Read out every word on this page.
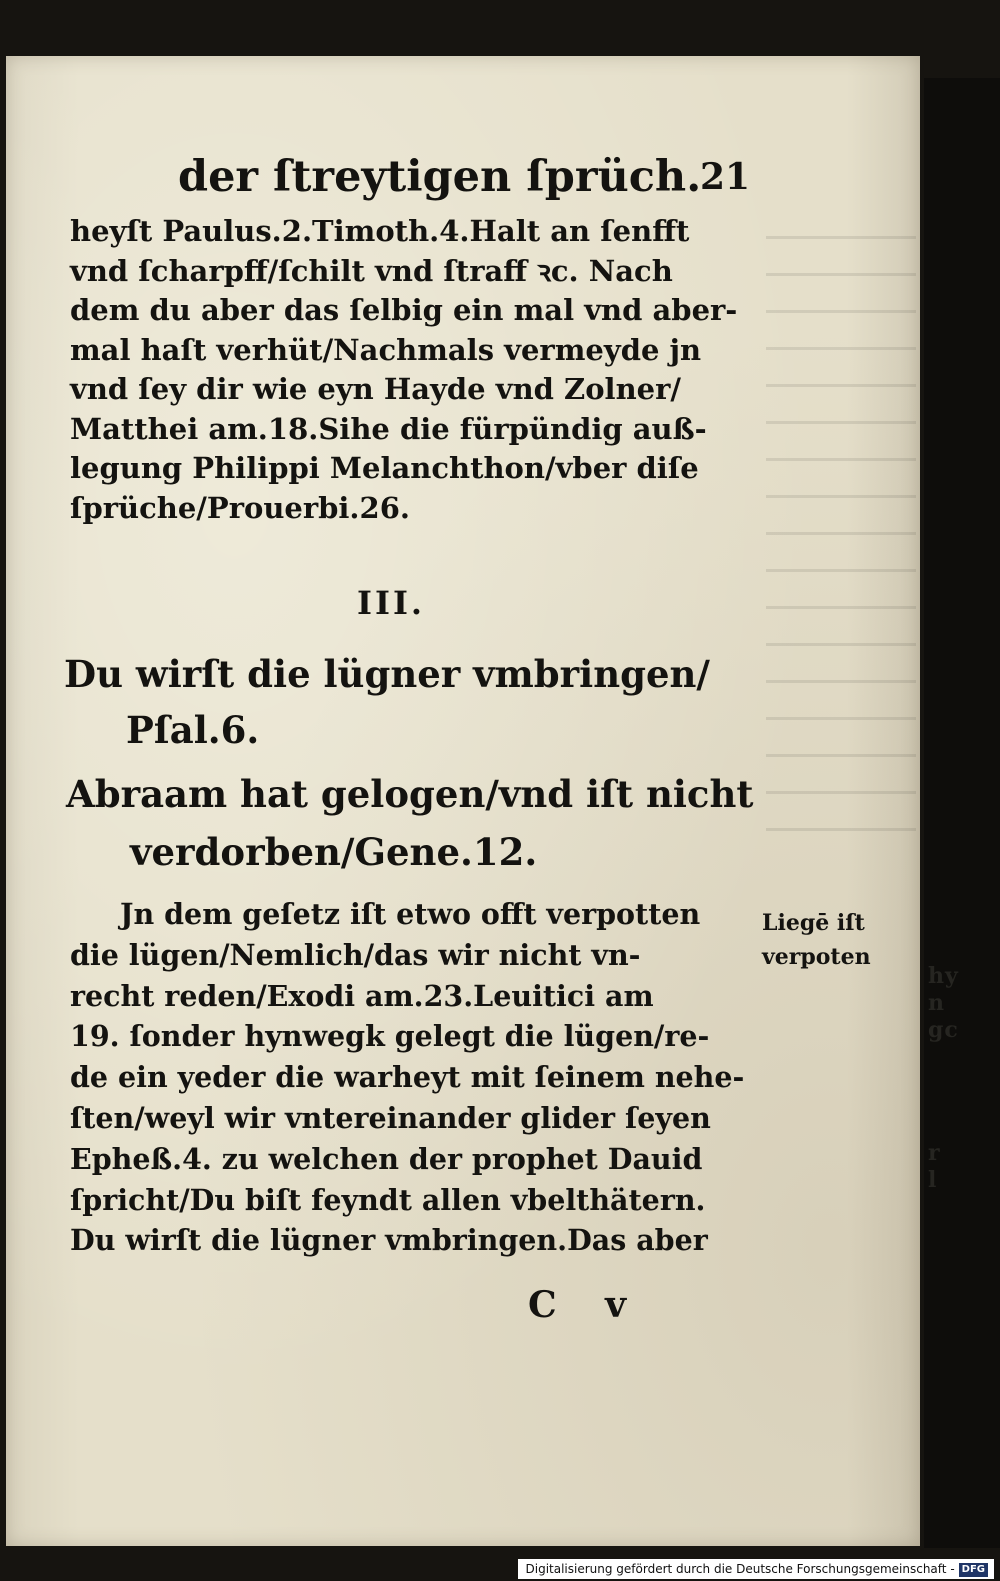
hy
n
gc
r
l
der ſtreytigen ſprüch.
21
heyſt Paulus.2.Timoth.4.Halt an ſenfft
vnd ſcharpff/ſchilt vnd ſtraff ꝛc. Nach
dem du aber das ſelbig ein mal vnd aber-
mal haſt verhüt/Nachmals vermeyde jn
vnd ſey dir wie eyn Hayde vnd Zolner/
Matthei am.18.Sihe die fürpündig auß-
legung Philippi Melanchthon/vber diſe
ſprüche/Prouerbi.26.
III.
Du wirſt die lügner vmbringen/
Pſal.6.
Abraam hat gelogen/vnd iſt nicht
verdorben/Gene.12.
Jn dem geſetz iſt etwo offt verpotten
die lügen/Nemlich/das wir nicht vn-
recht reden/Exodi am.23.Leuitici am
19. ſonder hynwegk gelegt die lügen/re-
de ein yeder die warheyt mit ſeinem nehe-
ſten/weyl wir vntereinander glider ſeyen
Epheß.4. zu welchen der prophet Dauid
ſpricht/Du biſt feyndt allen vbelthätern.
Du wirſt die lügner vmbringen.Das aber
Liegē iſt
verpoten
C v
Digitalisierung gefördert durch die Deutsche Forschungsgemeinschaft - DFG
